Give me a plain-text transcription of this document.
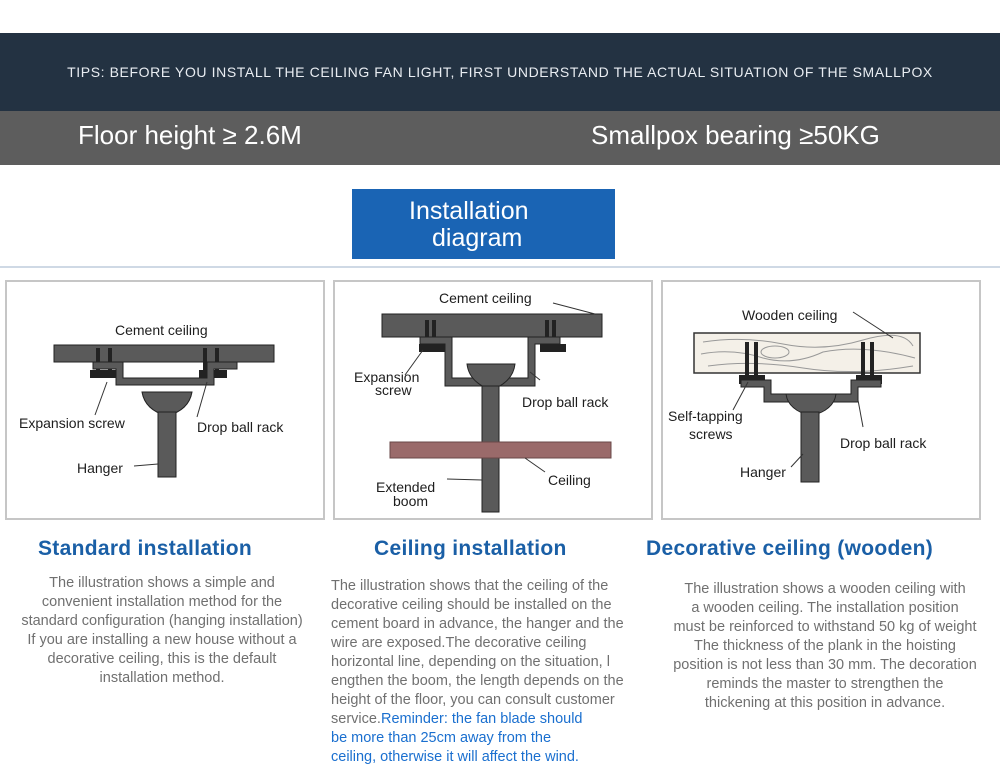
TIPS: BEFORE YOU INSTALL THE CEILING FAN LIGHT, FIRST UNDERSTAND THE ACTUAL SITUATION OF THE SMALLPOX
Floor height ≥ 2.6M	Smallpox bearing ≥50KG
Installation
diagram
Cement ceiling
Expansion screw	Drop ball rack
Hanger
Cement ceiling
Expansion
screw
Drop ball rack
Ceiling
Extended
boom
Wooden ceiling
Self-tapping
screws
Drop ball rack
Hanger
Standard installation	Ceiling installation	Decorative ceiling (wooden)
The illustration shows a simple and
convenient installation method for the
standard configuration (hanging installation)
If you are installing a new house without a
decorative ceiling, this is the default
installation method.
The illustration shows that the ceiling of the
decorative ceiling should be installed on the
cement board in advance, the hanger and the
wire are exposed.The decorative ceiling
horizontal line, depending on the situation, l
engthen the boom, the length depends on the
height of the floor, you can consult customer
service.Reminder: the fan blade should
be more than 25cm away from the
ceiling, otherwise it will affect the wind.
The illustration shows a wooden ceiling with
a wooden ceiling. The installation position
must be reinforced to withstand 50 kg of weight
The thickness of the plank in the hoisting
position is not less than 30 mm. The decoration
reminds the master to strengthen the
thickening at this position in advance.
